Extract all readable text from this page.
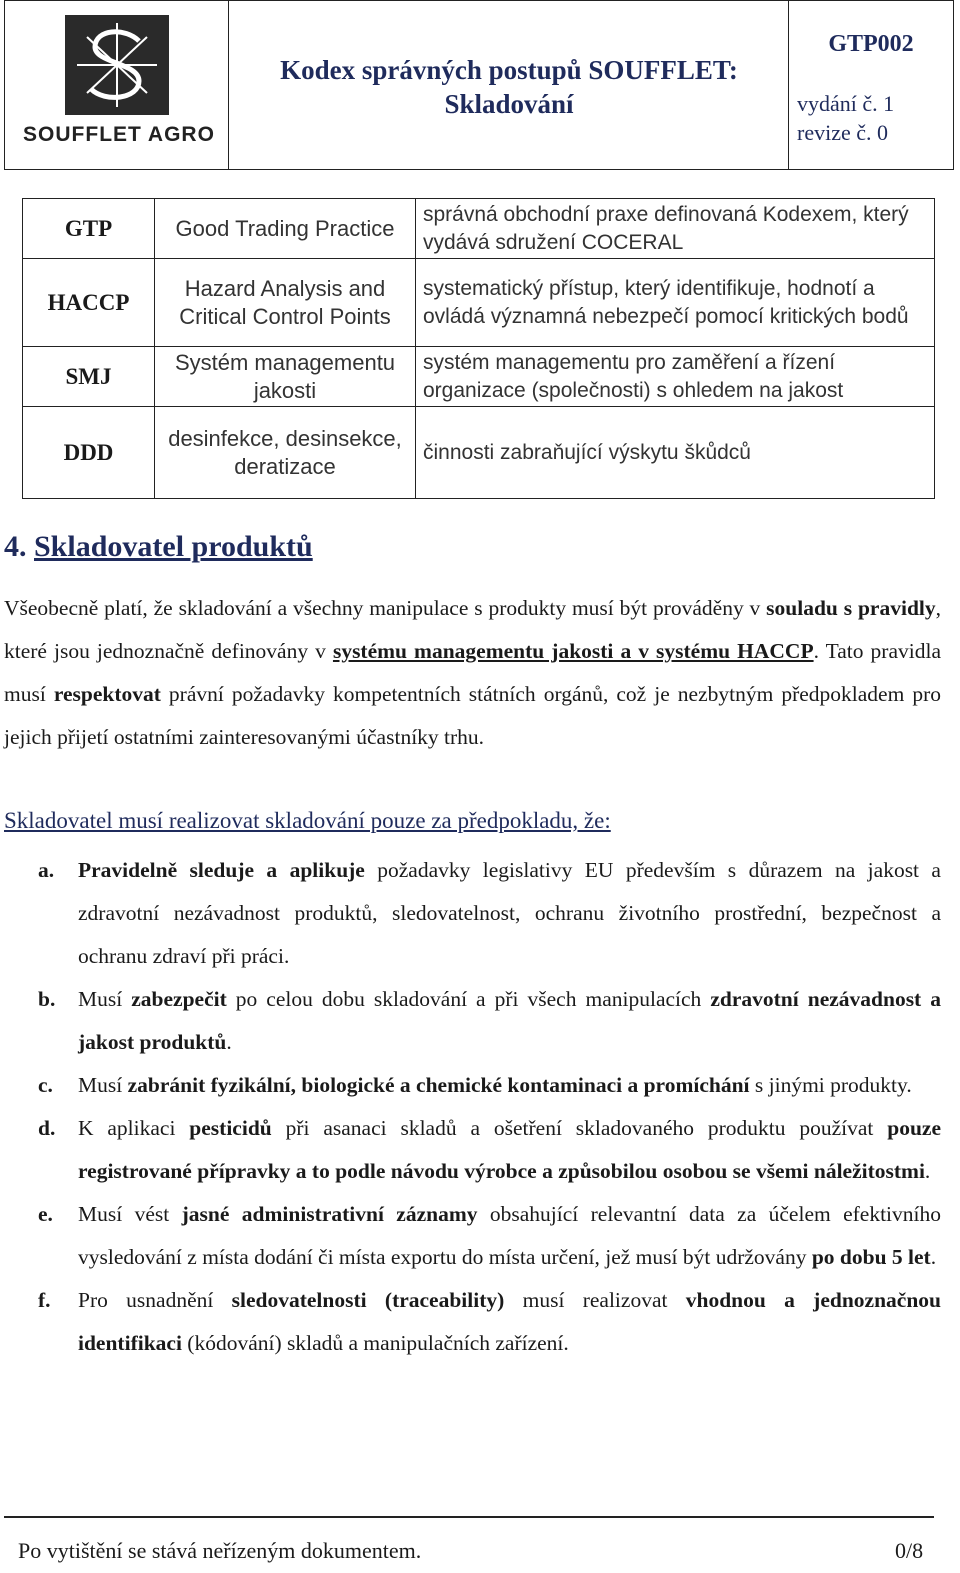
SOUFFLET AGRO
Kodex správných postupů SOUFFLET:
Skladování
GTP002
vydání č. 1
revize č. 0
GTP	Good Trading Practice
správná obchodní praxe definovaná Kodexem, který vydává sdružení COCERAL
HACCP
Hazard Analysis and Critical Control Points
systematický přístup, který identifikuje, hodnotí a ovládá významná nebezpečí pomocí kritických bodů
SMJ
Systém managementu jakosti
systém managementu pro zaměření a řízení organizace (společnosti) s ohledem na jakost
DDD
desinfekce, desinsekce, deratizace
činnosti zabraňující výskytu škůdců
4. Skladovatel produktů
Všeobecně platí, že skladování a všechny manipulace s produkty musí být prováděny v souladu s pravidly, které jsou jednoznačně definovány v systému managementu jakosti a v systému HACCP. Tato pravidla musí respektovat právní požadavky kompetentních státních orgánů, což je nezbytným předpokladem pro jejich přijetí ostatními zainteresovanými účastníky trhu.
Skladovatel musí realizovat skladování pouze za předpokladu, že:
a. Pravidelně sleduje a aplikuje požadavky legislativy EU především s důrazem na jakost a zdravotní nezávadnost produktů, sledovatelnost, ochranu životního prostřední, bezpečnost a ochranu zdraví při práci.
b. Musí zabezpečit po celou dobu skladování a při všech manipulacích zdravotní nezávadnost a jakost produktů.
c. Musí zabránit fyzikální, biologické a chemické kontaminaci a promíchání s jinými produkty.
d. K aplikaci pesticidů při asanaci skladů a ošetření skladovaného produktu používat pouze registrované přípravky a to podle návodu výrobce a způsobilou osobou se všemi náležitostmi.
e. Musí vést jasné administrativní záznamy obsahující relevantní data za účelem efektivního vysledování z místa dodání či místa exportu do místa určení, jež musí být udržovány po dobu 5 let.
f. Pro usnadnění sledovatelnosti (traceability) musí realizovat vhodnou a jednoznačnou identifikaci (kódování) skladů a manipulačních zařízení.
Po vytištění se stává neřízeným dokumentem.	0/8
